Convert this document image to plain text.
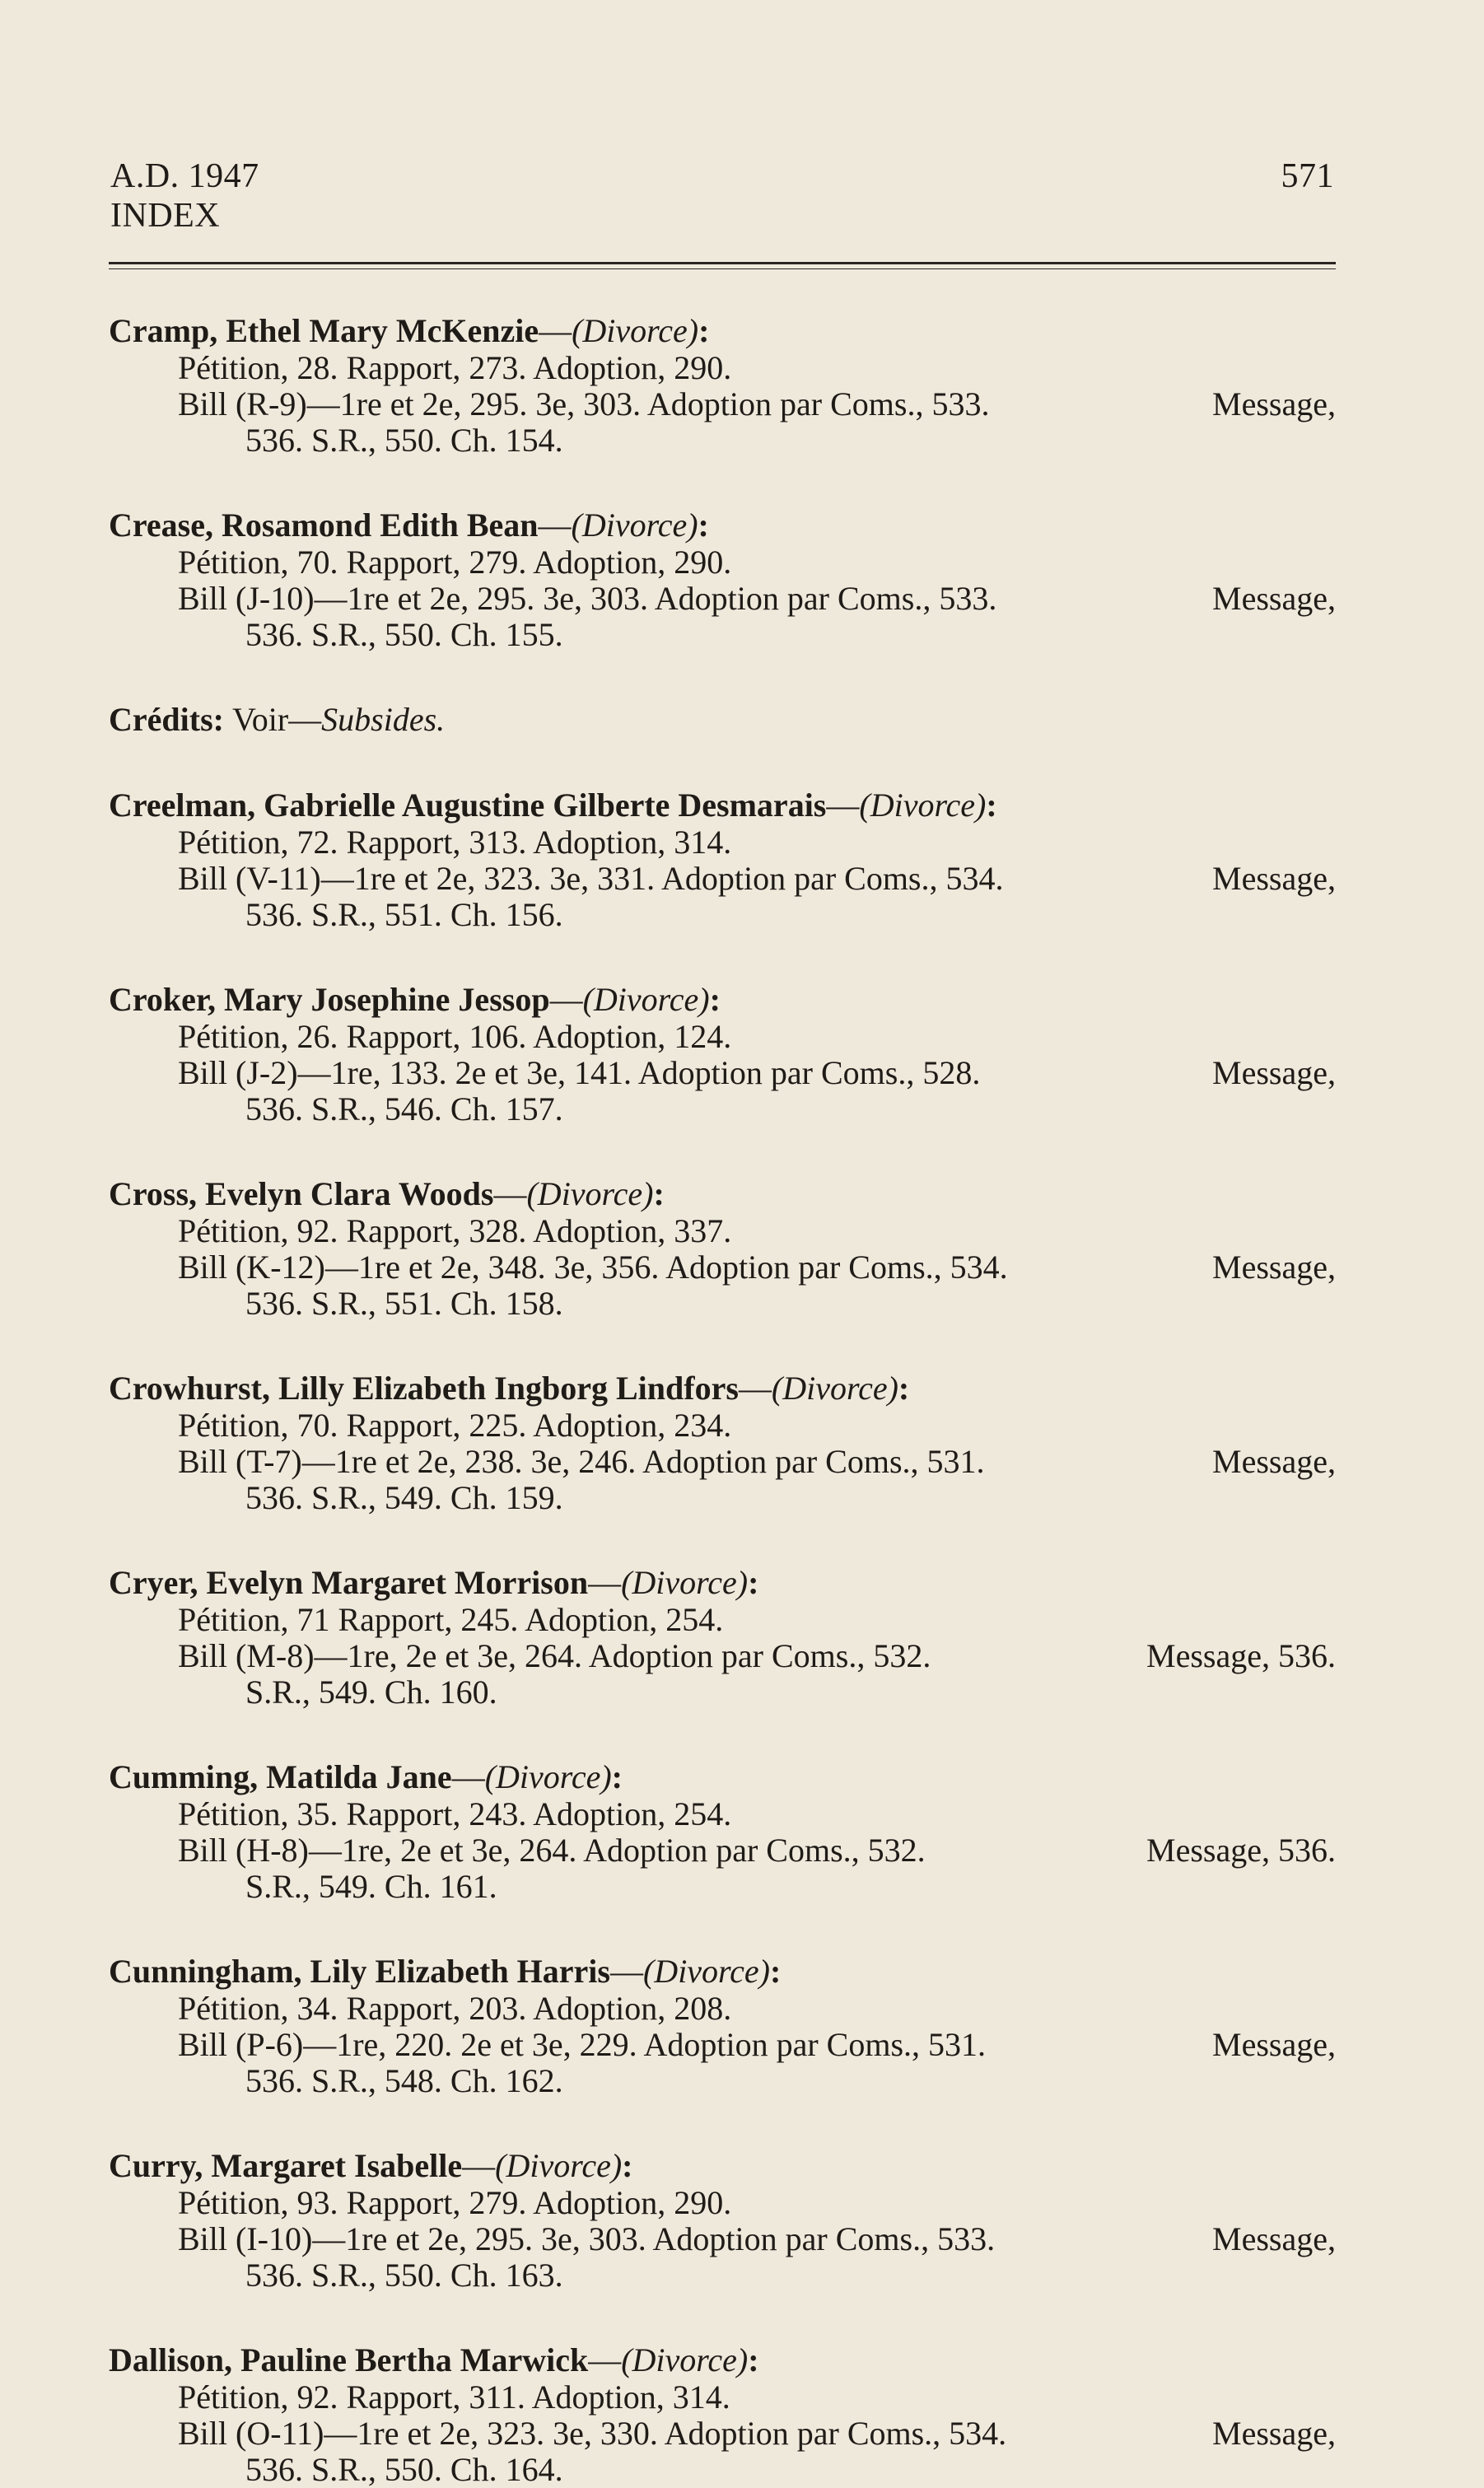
A.D. 1947	571
INDEX
Cramp, Ethel Mary McKenzie—(Divorce):
Pétition, 28. Rapport, 273. Adoption, 290.
Bill (R-9)—1re et 2e, 295. 3e, 303. Adoption par Coms., 533.	Message,
536. S.R., 550. Ch. 154.
Crease, Rosamond Edith Bean—(Divorce):
Pétition, 70. Rapport, 279. Adoption, 290.
Bill (J-10)—1re et 2e, 295. 3e, 303. Adoption par Coms., 533.	Message,
536. S.R., 550. Ch. 155.
Crédits: Voir—Subsides.
Creelman, Gabrielle Augustine Gilberte Desmarais—(Divorce):
Pétition, 72. Rapport, 313. Adoption, 314.
Bill (V-11)—1re et 2e, 323. 3e, 331. Adoption par Coms., 534.	Message,
536. S.R., 551. Ch. 156.
Croker, Mary Josephine Jessop—(Divorce):
Pétition, 26. Rapport, 106. Adoption, 124.
Bill (J-2)—1re, 133. 2e et 3e, 141. Adoption par Coms., 528.	Message,
536. S.R., 546. Ch. 157.
Cross, Evelyn Clara Woods—(Divorce):
Pétition, 92. Rapport, 328. Adoption, 337.
Bill (K-12)—1re et 2e, 348. 3e, 356. Adoption par Coms., 534.	Message,
536. S.R., 551. Ch. 158.
Crowhurst, Lilly Elizabeth Ingborg Lindfors—(Divorce):
Pétition, 70. Rapport, 225. Adoption, 234.
Bill (T-7)—1re et 2e, 238. 3e, 246. Adoption par Coms., 531.	Message,
536. S.R., 549. Ch. 159.
Cryer, Evelyn Margaret Morrison—(Divorce):
Pétition, 71 Rapport, 245. Adoption, 254.
Bill (M-8)—1re, 2e et 3e, 264. Adoption par Coms., 532.	Message, 536.
S.R., 549. Ch. 160.
Cumming, Matilda Jane—(Divorce):
Pétition, 35. Rapport, 243. Adoption, 254.
Bill (H-8)—1re, 2e et 3e, 264. Adoption par Coms., 532.	Message, 536.
S.R., 549. Ch. 161.
Cunningham, Lily Elizabeth Harris—(Divorce):
Pétition, 34. Rapport, 203. Adoption, 208.
Bill (P-6)—1re, 220. 2e et 3e, 229. Adoption par Coms., 531.	Message,
536. S.R., 548. Ch. 162.
Curry, Margaret Isabelle—(Divorce):
Pétition, 93. Rapport, 279. Adoption, 290.
Bill (I-10)—1re et 2e, 295. 3e, 303. Adoption par Coms., 533.	Message,
536. S.R., 550. Ch. 163.
Dallison, Pauline Bertha Marwick—(Divorce):
Pétition, 92. Rapport, 311. Adoption, 314.
Bill (O-11)—1re et 2e, 323. 3e, 330. Adoption par Coms., 534.	Message,
536. S.R., 550. Ch. 164.
